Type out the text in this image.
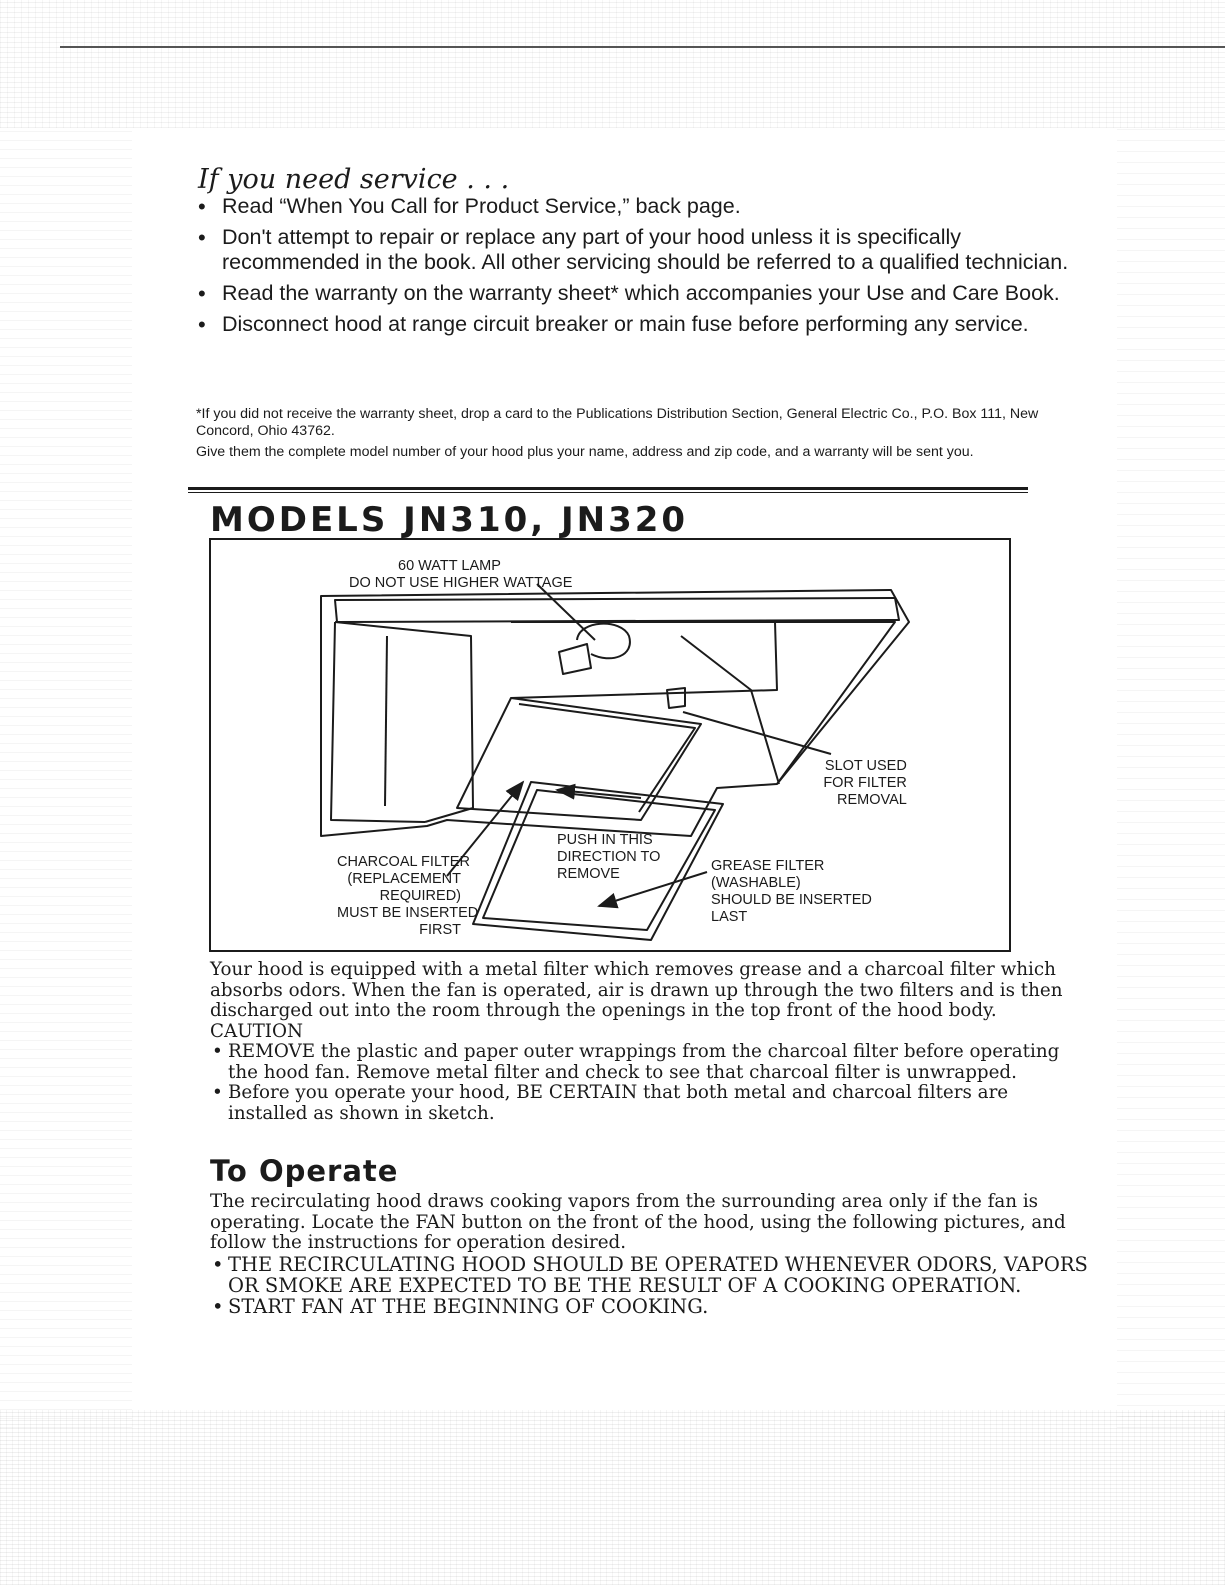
If you need service . . .
• Read “When You Call for Product Service,” back page.
• Don't attempt to repair or replace any part of your hood unless it is specifically recommended in the book. All other servicing should be referred to a qualified technician.
• Read the warranty on the warranty sheet* which accompanies your Use and Care Book.
• Disconnect hood at range circuit breaker or main fuse before performing any service.

*If you did not receive the warranty sheet, drop a card to the Publications Distribution Section, General Electric Co., P.O. Box 111, New Concord, Ohio 43762.

Give them the complete model number of your hood plus your name, address and zip code, and a warranty will be sent you.

MODELS JN310, JN320
60 WATT LAMP
DO NOT USE HIGHER WATTAGE
SLOT USED
FOR FILTER
REMOVAL
PUSH IN THIS
DIRECTION TO
REMOVE
CHARCOAL FILTER
(REPLACEMENT
REQUIRED)
MUST BE INSERTED
FIRST
GREASE FILTER
(WASHABLE)
SHOULD BE INSERTED
LAST

Your hood is equipped with a metal filter which removes grease and a charcoal filter which absorbs odors. When the fan is operated, air is drawn up through the two filters and is then discharged out into the room through the openings in the top front of the hood body.

CAUTION

• REMOVE the plastic and paper outer wrappings from the charcoal filter before operating the hood fan. Remove metal filter and check to see that charcoal filter is unwrapped.
• Before you operate your hood, BE CERTAIN that both metal and charcoal filters are installed as shown in sketch.
To Operate

The recirculating hood draws cooking vapors from the surrounding area only if the fan is operating. Locate the FAN button on the front of the hood, using the following pictures, and follow the instructions for operation desired.

• THE RECIRCULATING HOOD SHOULD BE OPERATED WHENEVER ODORS, VAPORS OR SMOKE ARE EXPECTED TO BE THE RESULT OF A COOKING OPERATION.
• START FAN AT THE BEGINNING OF COOKING.
